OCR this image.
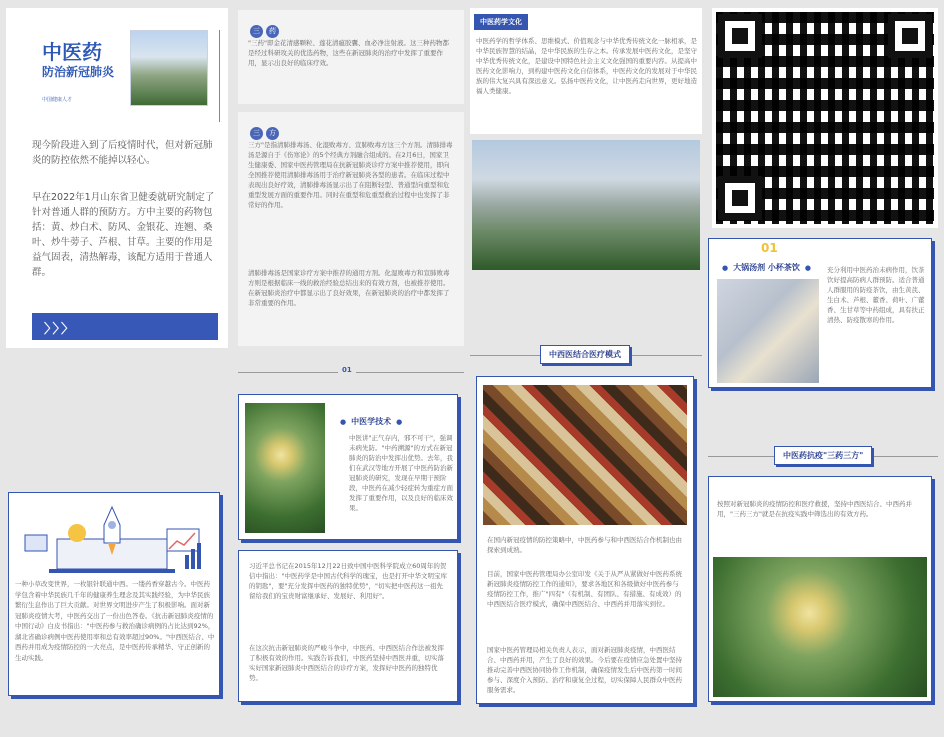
中医药
防治新冠肺炎
中国健康人才
现今阶段进入到了后疫情时代，但对新冠肺炎的防控依然不能掉以轻心。
早在2022年1月山东省卫健委就研究制定了针对普通人群的预防方。方中主要的药物包括：黄、炒白术、防风、金银花、连翘、桑叶、炒牛蒡子、芦根、甘草。主要的作用是益气固表，清热解毒，该配方适用于普通人群。
〉〉〉
一种小草改变世界，一枚银针联通中西。一缕药香穿越古今。中医药学包含着中华民族几千年的健康养生理念及其实践经验，为中华民族繁衍生息作出了巨大贡献。对世界文明进步产生了积极影响。面对新冠肺炎疫情大考，中医药交出了一份出色答卷。《抗击新冠肺炎疫情的中国行动》白皮书指出："中医药参与救治确诊病例的占比达到92%，湖北省确诊病例中医药使用率和总有效率超过90%。"中西医结合、中西药并用成为疫情防控的一大亮点，是中医药传承精华、守正创新的生动实践。
三 药
"三药"即金花清感颗粒、莲花清瘟胶囊、血必净注射液。这三种药物都是经过科研攻关的优选药物，这些在新冠肺炎的治疗中发挥了重要作用，显示出良好的临床疗效。
三 方
三方"是指清肺排毒汤、化湿败毒方、宣肺败毒方这三个方剂。清肺排毒汤是源自于《伤寒论》的5个经典方剂融合组成的。在2月6日，国家卫生健康委、国家中医药管理局在抗新冠肺炎诊疗方案中推荐使用，即向全国推荐使用清肺排毒汤用于治疗新冠肺炎各型的患者。在临床过程中表现出良好疗效，清肺排毒汤显示出了在阻断轻型、普通型向重型和危重型发展方面的重要作用。同时在重型和危重型救治过程中也发挥了非常好的作用。
清肺排毒汤是国家诊疗方案中推荐的通用方剂。化湿败毒方和宣肺败毒方则是根据临床一线的救治经验总结出来的有效方剂，也被推荐使用。在新冠肺炎治疗中都显示出了良好效果，在新冠肺炎的治疗中都发挥了非常重要的作用。
01
● 中医学技术 ●
中医讲"正气存内，邪不可干"，强调未病先防。"中药溯源"的方式在新冠肺炎的防治中发挥出优势。去年，我们在武汉等地方开展了中医药防治新冠肺炎的研究，发现在早期干预阶段，中医药在减少轻症转为重症方面发挥了重要作用，以及良好的临床效果。
习近平总书记在2015年12月22日致中国中医科学院成立60周年的贺信中指出："中医药学是中国古代科学的瑰宝，也是打开中华文明宝库的钥匙"，要"充分发挥中医药的独特优势"，"切实把中医药这一祖先留给我们的宝贵财富继承好、发展好、利用好"。
在这次抗击新冠肺炎的严峻斗争中，中医药、中西医结合作法被发挥了积极有效的作用。实践告诉我们，中医药坚持中西医并重，切实落实好国家新冠肺炎中西医结合的诊疗方案，发挥好中医药的独特优势。
中医药学文化
中医药学的哲学体系、思维模式、价值观念与中华优秀传统文化一脉相承，是中华民族智慧的结晶，是中华民族的生存之本。传承发展中医药文化，是坚守中华优秀传统文化，是建设中国特色社会主义文化强国的重要内容。从提高中医药文化影响力，到构建中医药文化自信体系，中医药文化的发展对于中华民族的伟大复兴具有深远意义。弘扬中医药文化，让中医药走向世界，更好地造福人类健康。
中西医结合医疗模式
在国内新冠疫情的防控策略中，中医药参与和中西医结合作机制也由探索到成熟。
目前，国家中医药管理局办公室印发《关于从严从紧做好中医药系统新冠肺炎疫情防控工作的通知》，要求各地区和各级做好中医药参与疫情防控工作，推广"四有"（有机制、有团队、有措施、有成效）的中西医结合医疗模式，确保中西医结合、中西药并用落实到位。
国家中医药管理局相关负责人表示，面对新冠肺炎疫情，中西医结合、中西药并用，产生了良好的效果。今后要在疫情应急处置中坚持推动完善中西医协同协作工作机制，确保疫情发生后中医药第一时间参与、深度介入预防、治疗和康复全过程，切实保障人民群众中医药服务需求。
01
● 大锅汤剂 小杯茶饮 ●	充分利用中医药治未病作用，饮茶饮好提高防病人群预防。适合普通人群服用的防疫茶饮，由生黄芪、生白术、芦根、藿香、荷叶、广藿香、生甘草等中药组成，具有扶正清热、防疫散寒的作用。
中医药抗疫"三药三方"
按照对新冠肺炎的疫情防控和医疗救援，坚持中西医结合、中西药并用，"三药三方"就是在抗疫实践中筛选出的有效方药。
